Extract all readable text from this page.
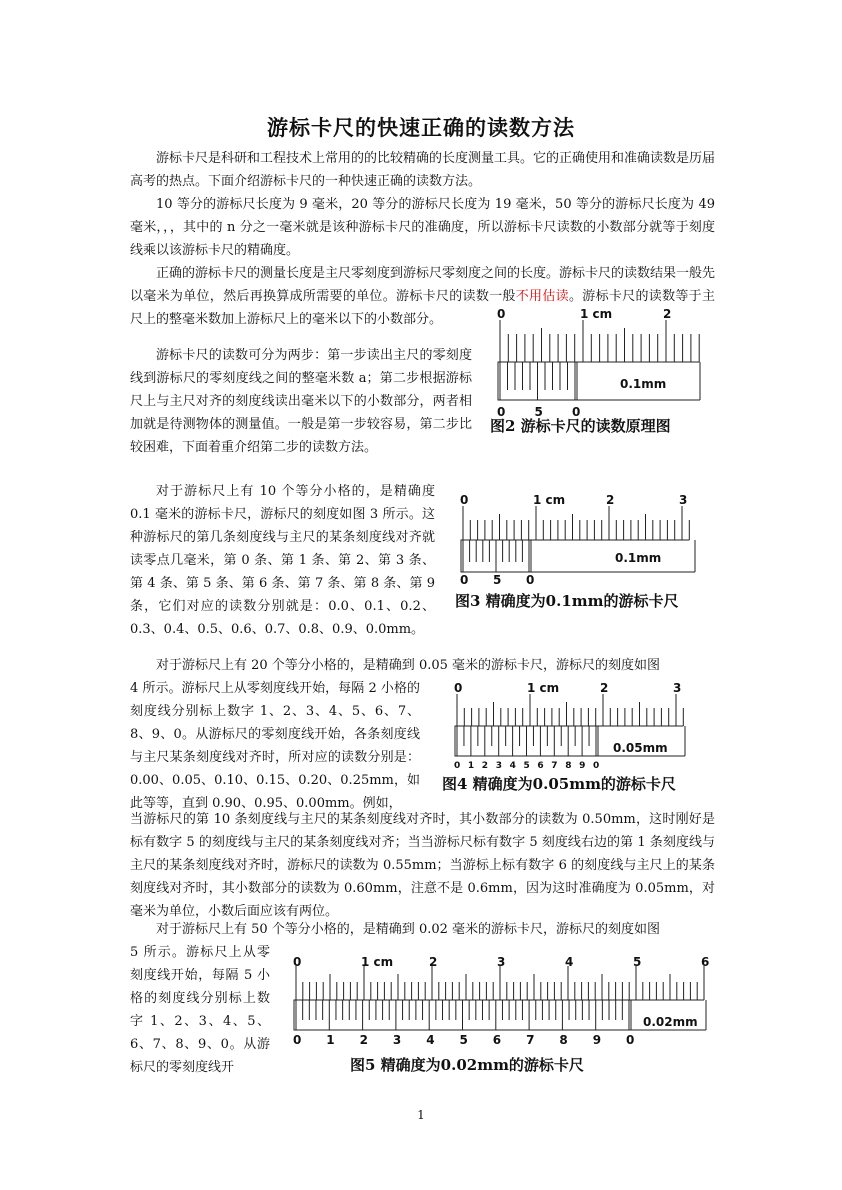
游标卡尺的快速正确的读数方法

游标卡尺是科研和工程技术上常用的的比较精确的长度测量工具。它的正确使用和准确读数是历届高考的热点。下面介绍游标卡尺的一种快速正确的读数方法。

10 等分的游标尺长度为 9 毫米，20 等分的游标尺长度为 19 毫米，50 等分的游标尺长度为 49 毫米，，，其中的 n 分之一毫米就是该种游标卡尺的准确度，所以游标卡尺读数的小数部分就等于刻度线乘以该游标卡尺的精确度。

正确的游标卡尺的测量长度是主尺零刻度到游标尺零刻度之间的长度。游标卡尺的读数结果一般先以毫米为单位，然后再换算成所需要的单位。游标卡尺的读数一般不用估读。游标卡尺的读数等于主尺上的整毫米数加上游标尺上的毫米以下的小数部分。

游标卡尺的读数可分为两步：第一步读出主尺的零刻度线到游标尺的零刻度线之间的整毫米数 a；第二步根据游标尺上与主尺对齐的刻度线读出毫米以下的小数部分，两者相加就是待测物体的测量值。一般是第一步较容易，第二步比较困难，下面着重介绍第二步的读数方法。

0	1 cm	2
0 5 0
0.1mm
图2 游标卡尺的读数原理图

对于游标尺上有 10 个等分小格的，是精确度 0.1 毫米的游标卡尺，游标尺的刻度如图 3 所示。这种游标尺的第几条刻度线与主尺的某条刻度线对齐就读零点几毫米，第 0 条、第 1 条、第 2、第 3 条、第 4 条、第 5 条、第 6 条、第 7 条、第 8 条、第 9 条，它们对应的读数分别就是：0.0、0.1、0.2、0.3、0.4、0.5、0.6、0.7、0.8、0.9、0.0mm。

0	1 cm	2	3
0 5 0
0.1mm
图3 精确度为0.1mm的游标卡尺

对于游标尺上有 20 个等分小格的，是精确到 0.05 毫米的游标卡尺，游标尺的刻度如图

4 所示。游标尺上从零刻度线开始，每隔 2 小格的刻度线分别标上数字 1、2、3、4、5、6、7、8、9、0。从游标尺的零刻度线开始，各条刻度线与主尺某条刻度线对齐时，所对应的读数分别是：0.00、0.05、0.10、0.15、0.20、0.25mm，如此等等，直到 0.90、0.95、0.00mm。例如，

0	1 cm	2	3
0 1 2 3 4 5 6 7 8 9 0
0.05mm
图4 精确度为0.05mm的游标卡尺

当游标尺的第 10 条刻度线与主尺的某条刻度线对齐时，其小数部分的读数为 0.50mm，这时刚好是标有数字 5 的刻度线与主尺的某条刻度线对齐；当当游标尺标有数字 5 刻度线右边的第 1 条刻度线与主尺的某条刻度线对齐时，游标尺的读数为 0.55mm；当游标上标有数字 6 的刻度线与主尺上的某条刻度线对齐时，其小数部分的读数为 0.60mm，注意不是 0.6mm，因为这时准确度为 0.05mm，对毫米为单位，小数后面应该有两位。

对于游标尺上有 50 个等分小格的，是精确到 0.02 毫米的游标卡尺，游标尺的刻度如图

5 所示。游标尺上从零刻度线开始，每隔 5 小格的刻度线分别标上数字 1、2、3、4、5、6、7、8、9、0。从游标尺的零刻度线开

0	1 cm	2	3	4	5	6
0 1 2 3 4 5 6 7 8 9 0
0.02mm
图5 精确度为0.02mm的游标卡尺
1
